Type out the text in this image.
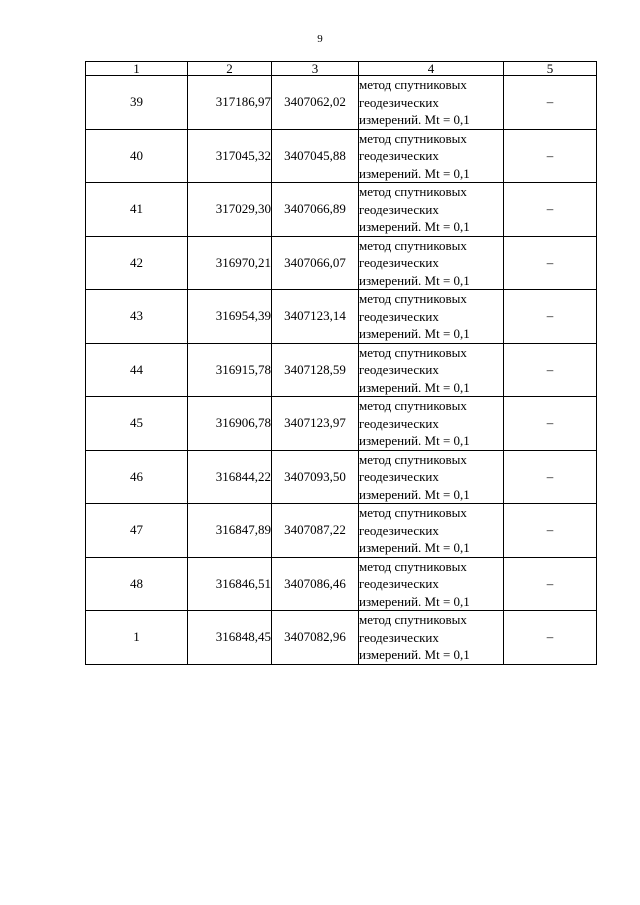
9
1	2	3	4	5
39	317186,97	3407062,02	метод спутниковых
геодезических
измерений. Mt = 0,1	–
40	317045,32	3407045,88	метод спутниковых
геодезических
измерений. Mt = 0,1	–
41	317029,30	3407066,89	метод спутниковых
геодезических
измерений. Mt = 0,1	–
42	316970,21	3407066,07	метод спутниковых
геодезических
измерений. Mt = 0,1	–
43	316954,39	3407123,14	метод спутниковых
геодезических
измерений. Mt = 0,1	–
44	316915,78	3407128,59	метод спутниковых
геодезических
измерений. Mt = 0,1	–
45	316906,78	3407123,97	метод спутниковых
геодезических
измерений. Mt = 0,1	–
46	316844,22	3407093,50	метод спутниковых
геодезических
измерений. Mt = 0,1	–
47	316847,89	3407087,22	метод спутниковых
геодезических
измерений. Mt = 0,1	–
48	316846,51	3407086,46	метод спутниковых
геодезических
измерений. Mt = 0,1	–
1	316848,45	3407082,96	метод спутниковых
геодезических
измерений. Mt = 0,1	–
